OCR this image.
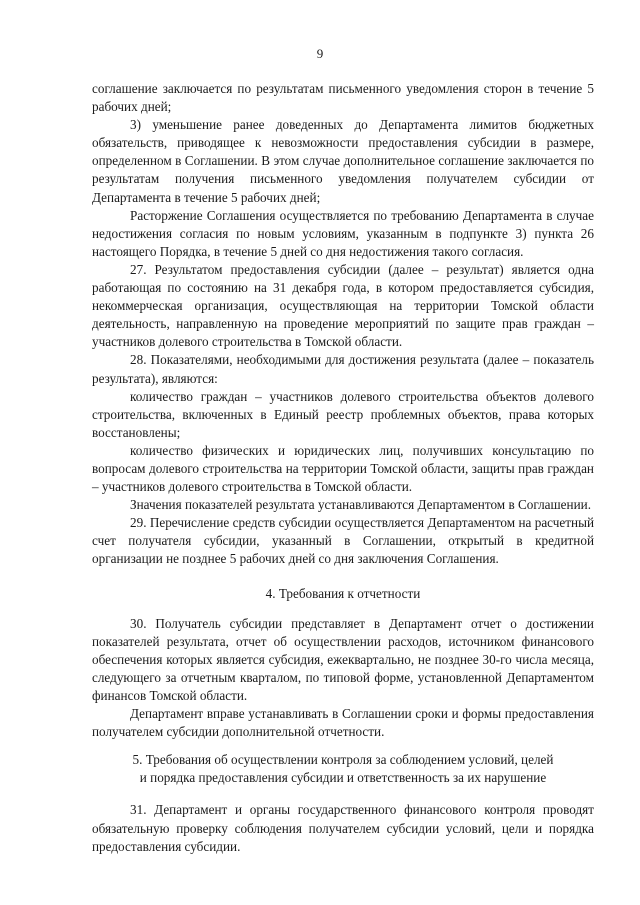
9

соглашение заключается по результатам письменного уведомления сторон в течение 5 рабочих дней;

3) уменьшение ранее доведенных до Департамента лимитов бюджетных обязательств, приводящее к невозможности предоставления субсидии в размере, определенном в Соглашении. В этом случае дополнительное соглашение заключается по результатам получения письменного уведомления получателем субсидии от Департамента в течение 5 рабочих дней;

Расторжение Соглашения осуществляется по требованию Департамента в случае недостижения согласия по новым условиям, указанным в подпункте 3) пункта 26 настоящего Порядка, в течение 5 дней со дня недостижения такого согласия.

27. Результатом предоставления субсидии (далее – результат) является одна работающая по состоянию на 31 декабря года, в котором предоставляется субсидия, некоммерческая организация, осуществляющая на территории Томской области деятельность, направленную на проведение мероприятий по защите прав граждан – участников долевого строительства в Томской области.

28. Показателями, необходимыми для достижения результата (далее – показатель результата), являются:

количество граждан – участников долевого строительства объектов долевого строительства, включенных в Единый реестр проблемных объектов, права которых восстановлены;

количество физических и юридических лиц, получивших консультацию по вопросам долевого строительства на территории Томской области, защиты прав граждан – участников долевого строительства в Томской области.

Значения показателей результата устанавливаются Департаментом в Соглашении.

29. Перечисление средств субсидии осуществляется Департаментом на расчетный счет получателя субсидии, указанный в Соглашении, открытый в кредитной организации не позднее 5 рабочих дней со дня заключения Соглашения.

4. Требования к отчетности

30. Получатель субсидии представляет в Департамент отчет о достижении показателей результата, отчет об осуществлении расходов, источником финансового обеспечения которых является субсидия, ежеквартально, не позднее 30-го числа месяца, следующего за отчетным кварталом, по типовой форме, установленной Департаментом финансов Томской области.

Департамент вправе устанавливать в Соглашении сроки и формы предоставления получателем субсидии дополнительной отчетности.

5. Требования об осуществлении контроля за соблюдением условий, целей
и порядка предоставления субсидии и ответственность за их нарушение

31. Департамент и органы государственного финансового контроля проводят обязательную проверку соблюдения получателем субсидии условий, цели и порядка предоставления субсидии.
